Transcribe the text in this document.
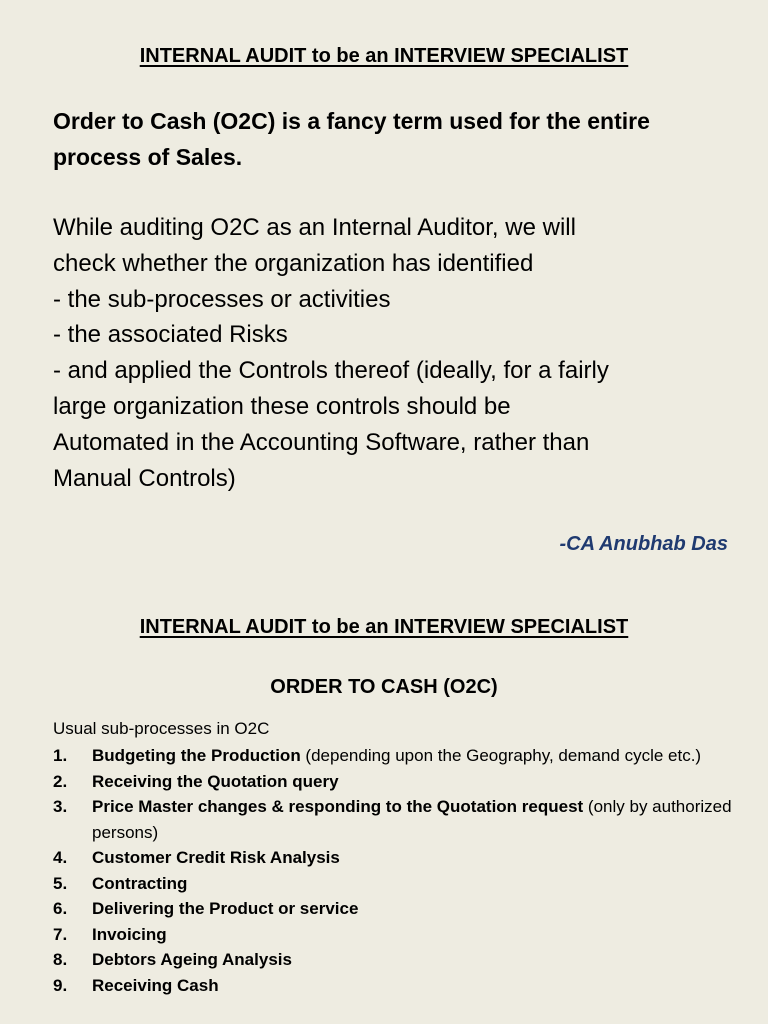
INTERNAL AUDIT to be an INTERVIEW SPECIALIST

Order to Cash (O2C) is a fancy term used for the entire process of Sales.

While auditing O2C as an Internal Auditor, we will
check whether the organization has identified
- the sub-processes or activities
- the associated Risks
- and applied the Controls thereof (ideally, for a fairly
large organization these controls should be
Automated in the Accounting Software, rather than
Manual Controls)

-CA Anubhab Das

INTERNAL AUDIT to be an INTERVIEW SPECIALIST
ORDER TO CASH (O2C)

Usual sub-processes in O2C

1. Budgeting the Production (depending upon the Geography, demand cycle etc.)
2. Receiving the Quotation query
3. Price Master changes & responding to the Quotation request (only by authorized persons)
4. Customer Credit Risk Analysis
5. Contracting
6. Delivering the Product or service
7. Invoicing
8. Debtors Ageing Analysis
9. Receiving Cash
